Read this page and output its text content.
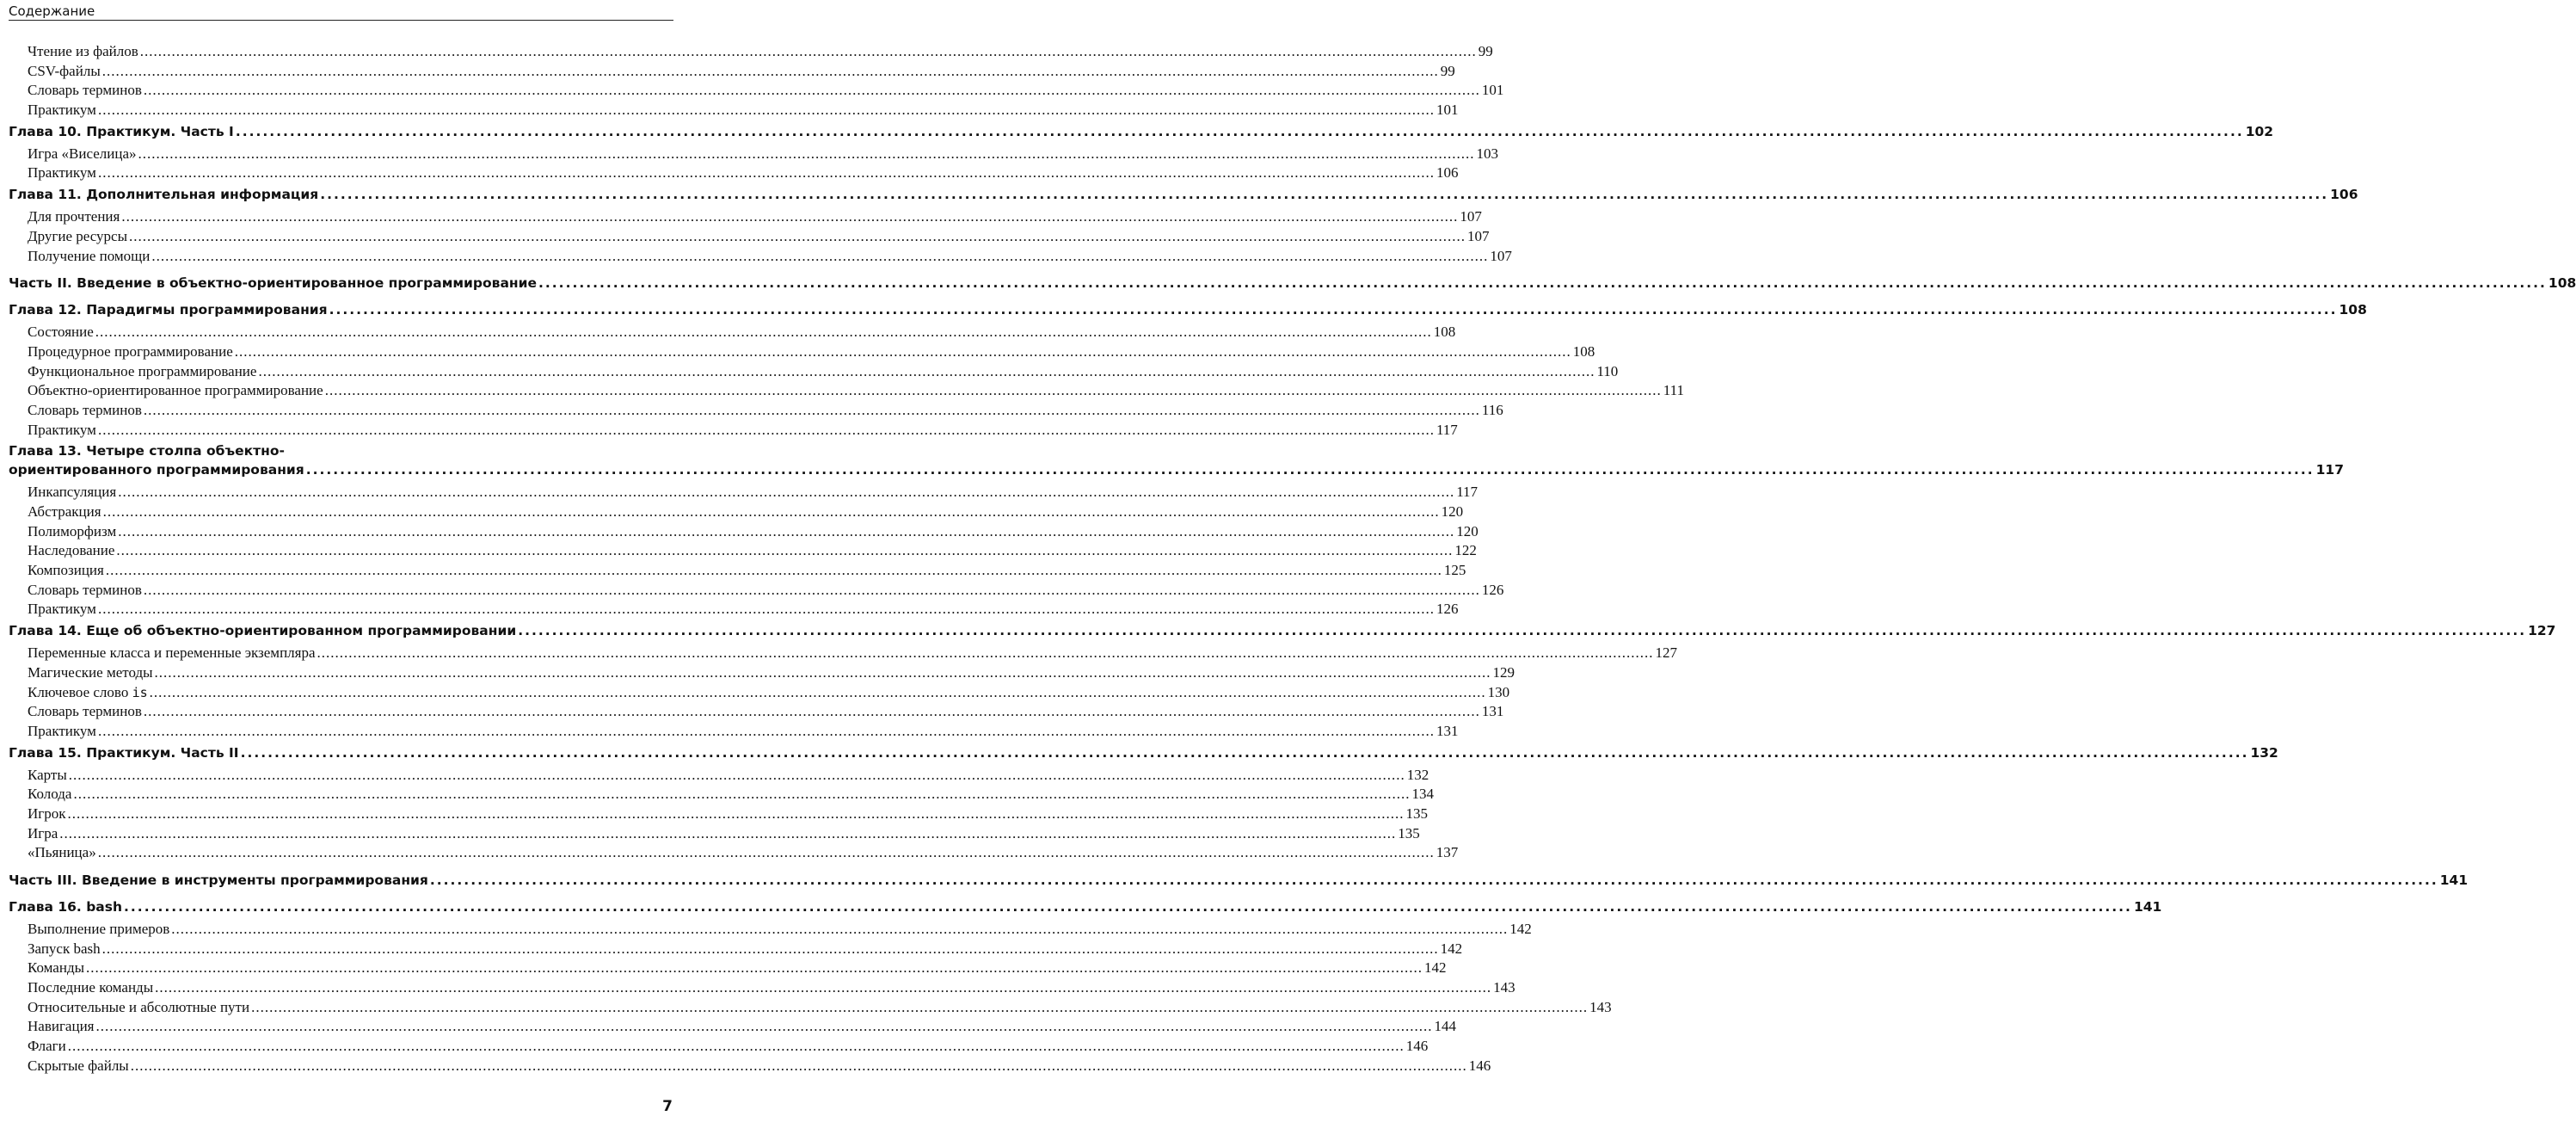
Содержание
Чтение из файлов .....	99
CSV-файлы .....	99
Словарь терминов .....	101
Практикум .....	101
Глава 10. Практикум. Часть I .....	102
Игра «Виселица» .....	103
Практикум .....	106
Глава 11. Дополнительная информация .....	106
Для прочтения .....	107
Другие ресурсы .....	107
Получение помощи .....	107
Часть II. Введение в объектно-ориентированное программирование .....	108
Глава 12. Парадигмы программирования .....	108
Состояние .....	108
Процедурное программирование .....	108
Функциональное программирование .....	110
Объектно-ориентированное программирование .....	111
Словарь терминов .....	116
Практикум .....	117
Глава 13. Четыре столпа объектно-
ориентированного программирования .....	117
Инкапсуляция .....	117
Абстракция .....	120
Полиморфизм .....	120
Наследование .....	122
Композиция .....	125
Словарь терминов .....	126
Практикум .....	126
Глава 14. Еще об объектно-ориентированном программировании .....	127
Переменные класса и переменные экземпляра .....	127
Магические методы .....	129
Ключевое слово is .....	130
Словарь терминов .....	131
Практикум .....	131
Глава 15. Практикум. Часть II .....	132
Карты .....	132
Колода .....	134
Игрок .....	135
Игра .....	135
«Пьяница» .....	137
Часть III. Введение в инструменты программирования .....	141
Глава 16. bash .....	141
Выполнение примеров .....	142
Запуск bash .....	142
Команды .....	142
Последние команды .....	143
Относительные и абсолютные пути .....	143
Навигация .....	144
Флаги .....	146
Скрытые файлы .....	146
7
